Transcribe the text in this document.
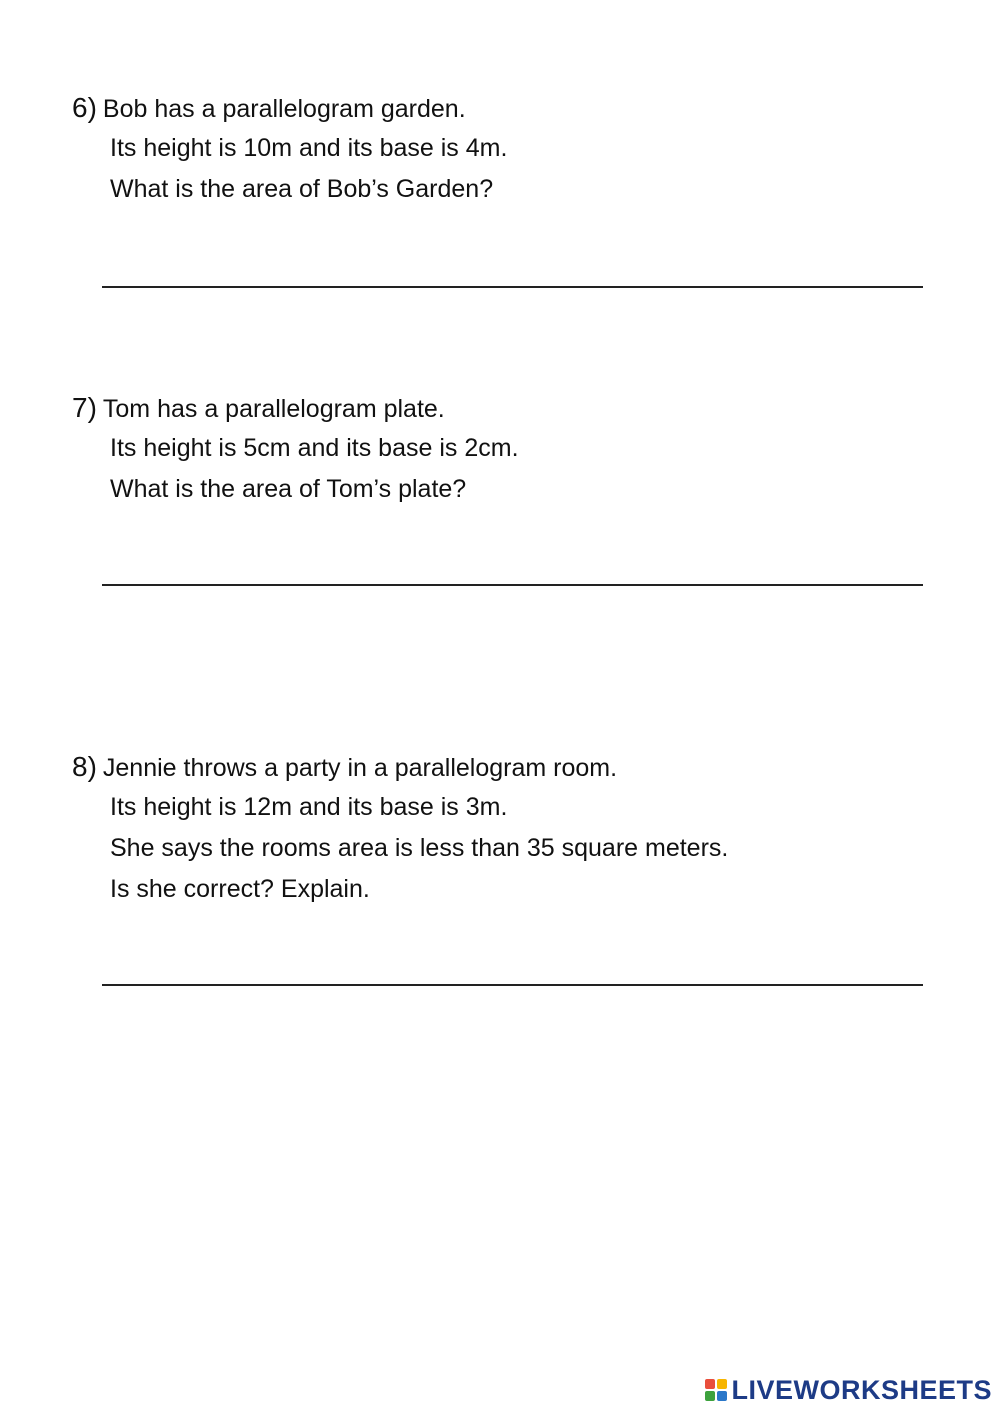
6) Bob has a parallelogram garden.
Its height is 10m and its base is 4m.
What is the area of Bob’s Garden?
7) Tom has a parallelogram plate.
Its height is 5cm and its base is 2cm.
What is the area of Tom’s plate?
8) Jennie throws a party in a parallelogram room.
Its height is 12m and its base is 3m.
She says the rooms area is less than 35 square meters.
Is she correct? Explain.
LIVEWORKSHEETS
